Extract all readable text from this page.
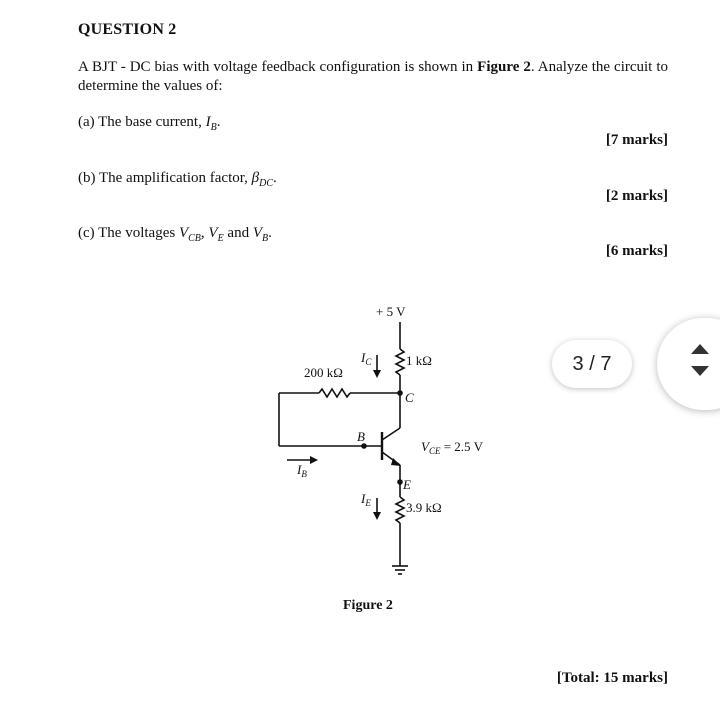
QUESTION 2
A BJT - DC bias with voltage feedback configuration is shown in Figure 2. Analyze the circuit to determine the values of:
(a) The base current, $I_B$.
[7 marks]
(b) The amplification factor, $\beta_{DC}$.
[2 marks]
(c) The voltages $V_{CB}$, $V_E$ and $V_B$.
[6 marks]
+ 5 V
1 kΩ
200 kΩ
3.9 kΩ
C
B
E
$I_C$
$I_E$
$I_B$
$V_{CE} = 2.5$ V
Figure 2
3 / 7
[Total: 15 marks]
